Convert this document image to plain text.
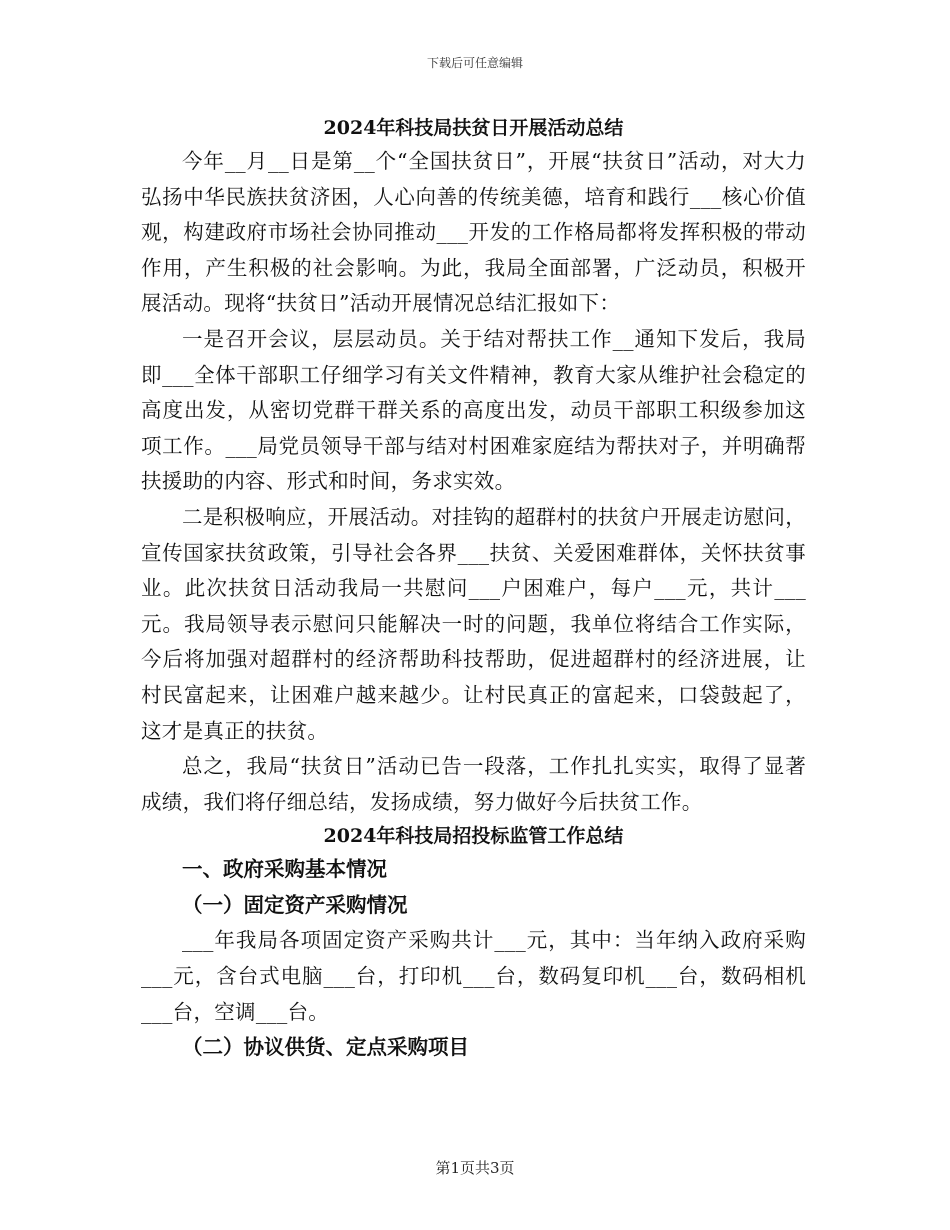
下载后可任意编辑

2024年科技局扶贫日开展活动总结

今年__月__日是第__个“全国扶贫日”，开展“扶贫日”活动，对大力弘扬中华民族扶贫济困，人心向善的传统美德，培育和践行___核心价值观，构建政府市场社会协同推动___开发的工作格局都将发挥积极的带动作用，产生积极的社会影响。为此，我局全面部署，广泛动员，积极开展活动。现将“扶贫日”活动开展情况总结汇报如下：

一是召开会议，层层动员。关于结对帮扶工作__通知下发后，我局即___全体干部职工仔细学习有关文件精神，教育大家从维护社会稳定的高度出发，从密切党群干群关系的高度出发，动员干部职工积级参加这项工作。___局党员领导干部与结对村困难家庭结为帮扶对子，并明确帮扶援助的内容、形式和时间，务求实效。

二是积极响应，开展活动。对挂钩的超群村的扶贫户开展走访慰问，宣传国家扶贫政策，引导社会各界___扶贫、关爱困难群体，关怀扶贫事业。此次扶贫日活动我局一共慰问___户困难户，每户___元，共计___元。我局领导表示慰问只能解决一时的问题，我单位将结合工作实际，今后将加强对超群村的经济帮助科技帮助，促进超群村的经济进展，让村民富起来，让困难户越来越少。让村民真正的富起来，口袋鼓起了，这才是真正的扶贫。

总之，我局“扶贫日”活动已告一段落，工作扎扎实实，取得了显著成绩，我们将仔细总结，发扬成绩，努力做好今后扶贫工作。

2024年科技局招投标监管工作总结

一、政府采购基本情况

（一）固定资产采购情况

___年我局各项固定资产采购共计___元，其中：当年纳入政府采购___元，含台式电脑___台，打印机___台，数码复印机___台，数码相机___台，空调___台。

（二）协议供货、定点采购项目

第1页共3页
